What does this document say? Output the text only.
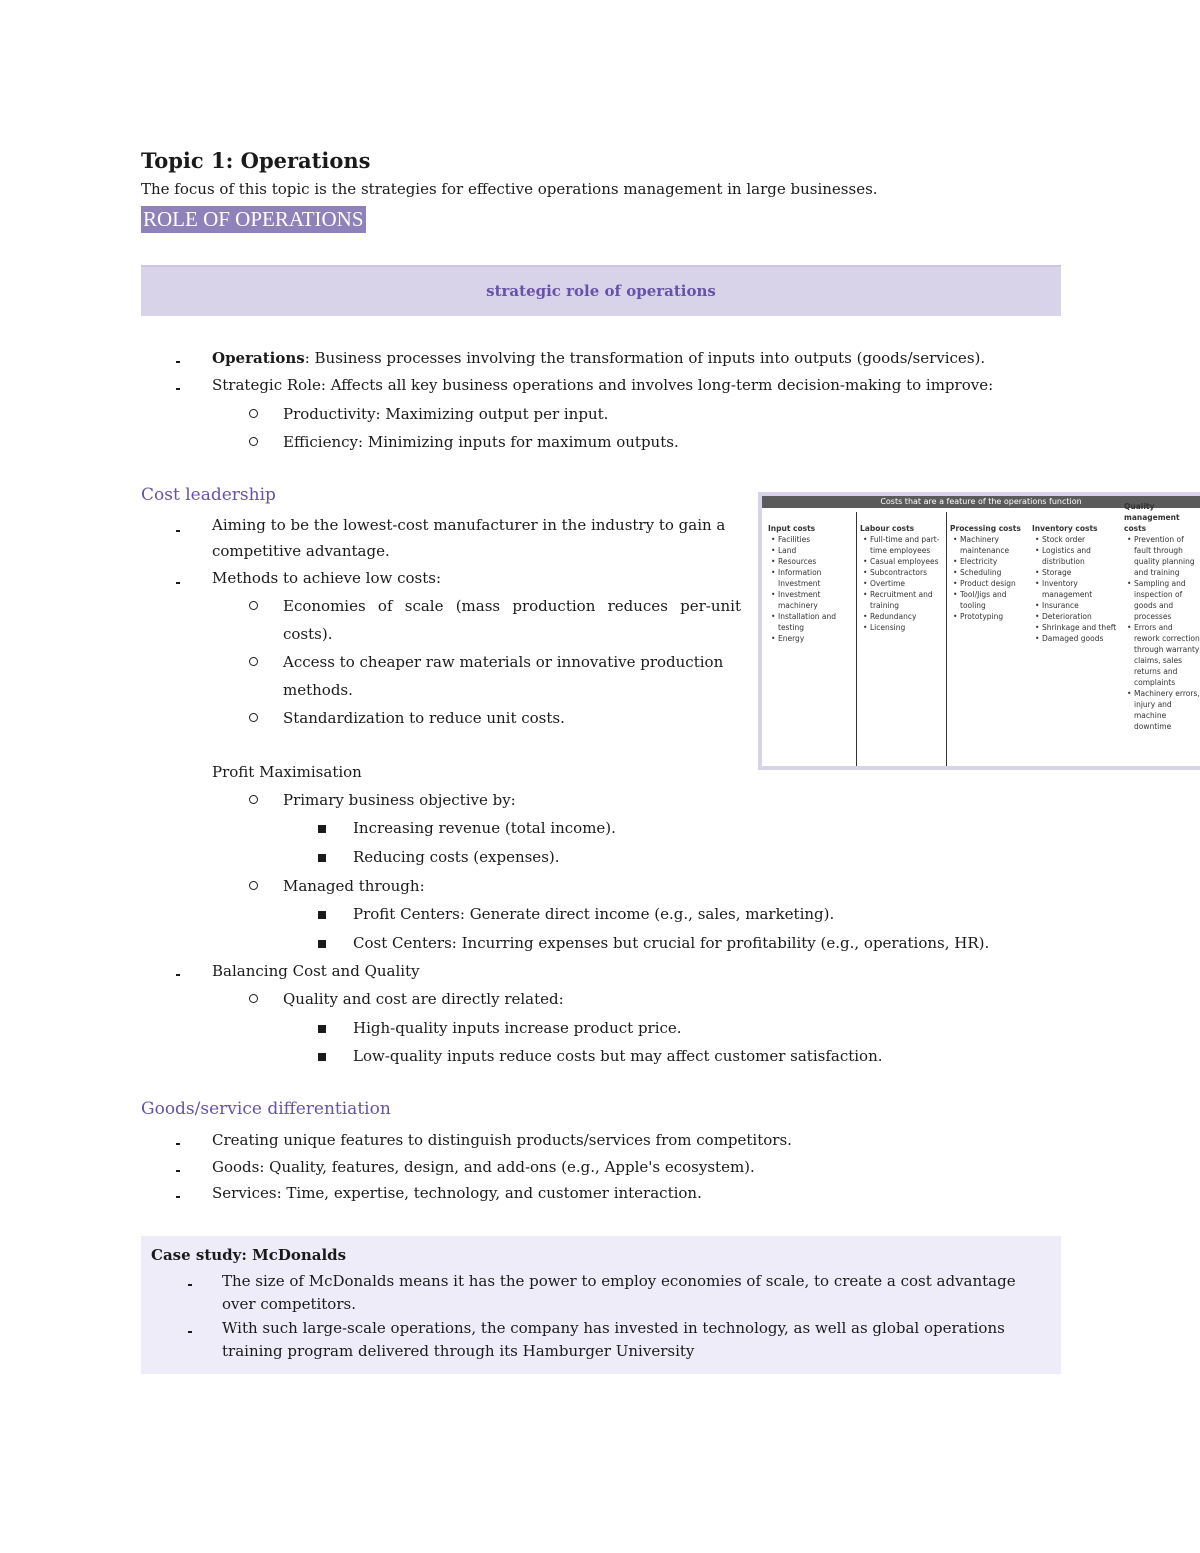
Topic 1: Operations
The focus of this topic is the strategies for effective operations management in large businesses.
ROLE OF OPERATIONS
strategic role of operations
Operations: Business processes involving the transformation of inputs into outputs (goods/services).
Strategic Role: Affects all key business operations and involves long-term decision-making to improve:
Productivity: Maximizing output per input.
Efficiency: Minimizing inputs for maximum outputs.
Cost leadership
Aiming to be the lowest-cost manufacturer in the industry to gain a competitive advantage.
Methods to achieve low costs:
Economies of scale (mass production reduces per-unit costs).
Access to cheaper raw materials or innovative production methods.
Standardization to reduce unit costs.
Profit Maximisation
Primary business objective by:
Increasing revenue (total income).
Reducing costs (expenses).
Managed through:
Profit Centers: Generate direct income (e.g., sales, marketing).
Cost Centers: Incurring expenses but crucial for profitability (e.g., operations, HR).
Balancing Cost and Quality
Quality and cost are directly related:
High-quality inputs increase product price.
Low-quality inputs reduce costs but may affect customer satisfaction.
Costs that are a feature of the operations function
Input costs
• Facilities
• Land
• Resources
• Information Investment
• Investment machinery
• Installation and testing
• Energy
Labour costs
• Full-time and part-time employees
• Casual employees
• Subcontractors
• Overtime
• Recruitment and training
• Redundancy
• Licensing
Processing costs
• Machinery maintenance
• Electricity
• Scheduling
• Product design
• Tool/Jigs and tooling
• Prototyping
Inventory costs
• Stock order
• Logistics and distribution
• Storage
• Inventory management
• Insurance
• Deterioration
• Shrinkage and theft
• Damaged goods
management costs
• Prevention of fault through quality planning and training
• Sampling and inspection of goods and processes
• Errors and rework correction through warranty claims, sales returns and complaints
• Machinery errors, injury and machine downtime
Goods/service differentiation
Creating unique features to distinguish products/services from competitors.
Goods: Quality, features, design, and add-ons (e.g., Apple's ecosystem).
Services: Time, expertise, technology, and customer interaction.
Case study: McDonalds
The size of McDonalds means it has the power to employ economies of scale, to create a cost advantage over competitors.
With such large-scale operations, the company has invested in technology, as well as global operations training program delivered through its Hamburger University
